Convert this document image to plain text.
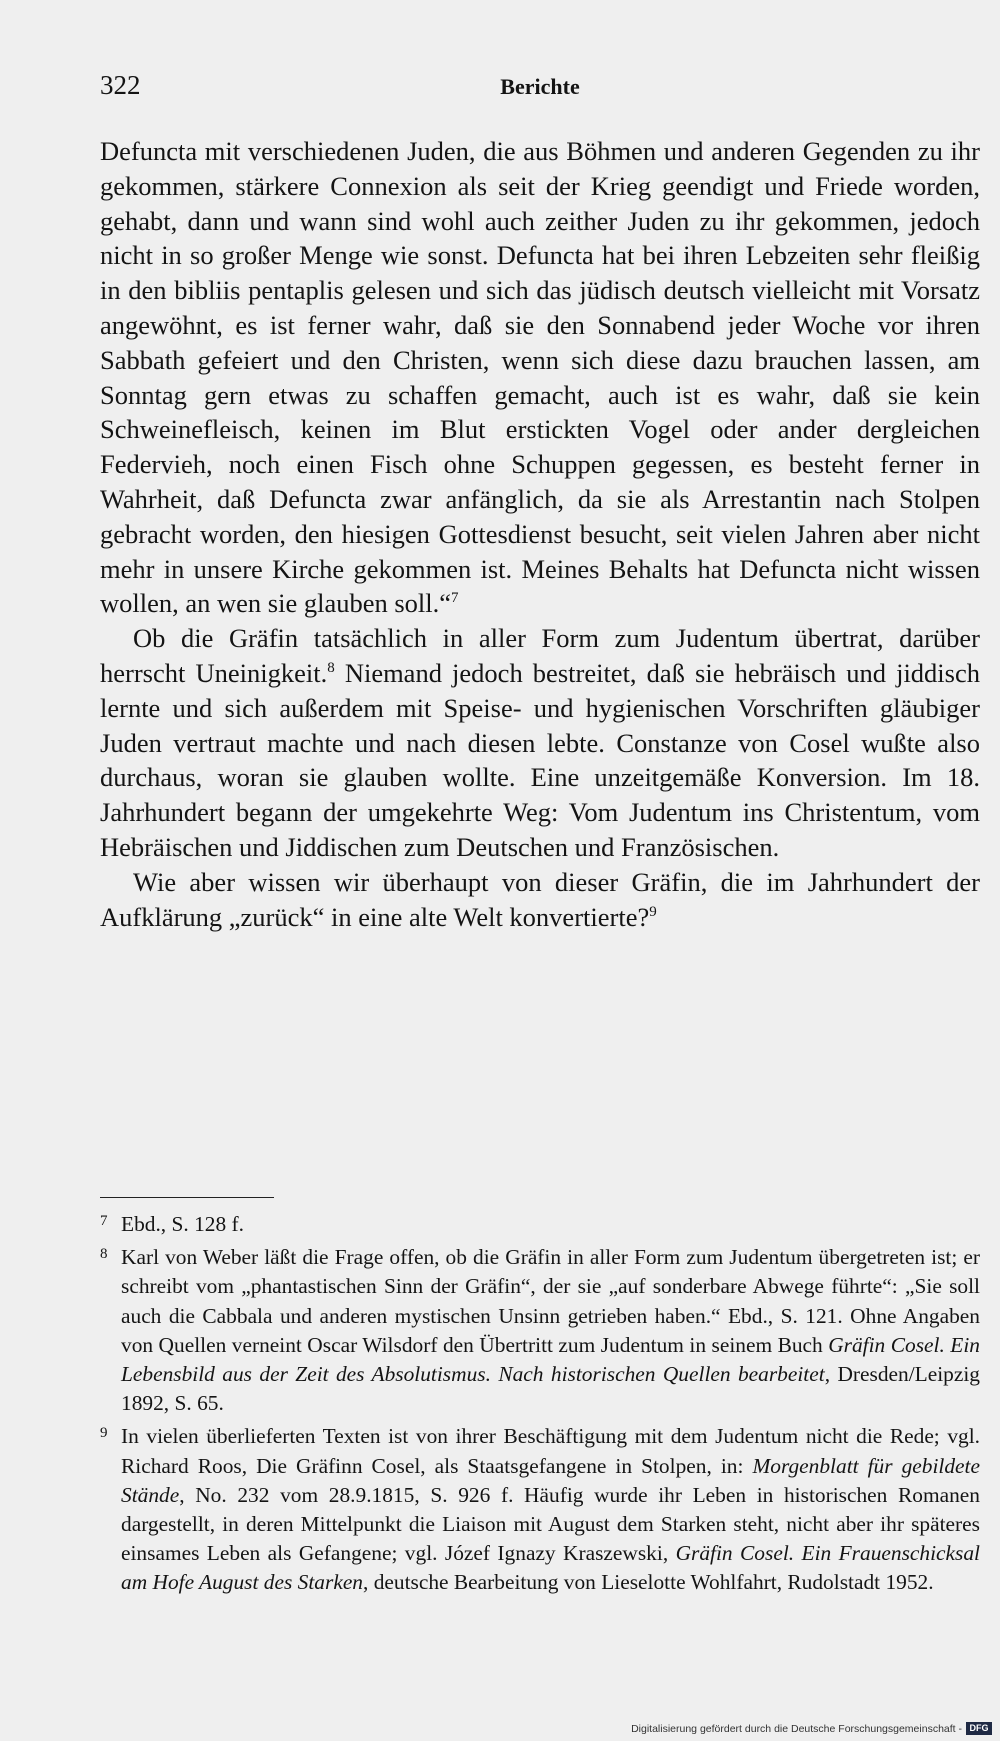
322	Berichte

Defuncta mit verschiedenen Juden, die aus Böhmen und anderen Gegenden zu ihr gekommen, stärkere Connexion als seit der Krieg geendigt und Friede worden, gehabt, dann und wann sind wohl auch zeither Juden zu ihr gekommen, jedoch nicht in so großer Menge wie sonst. Defuncta hat bei ihren Lebzeiten sehr fleißig in den bibliis pentaplis gelesen und sich das jüdisch deutsch vielleicht mit Vorsatz angewöhnt, es ist ferner wahr, daß sie den Sonnabend jeder Woche vor ihren Sabbath gefeiert und den Christen, wenn sich diese dazu brauchen lassen, am Sonntag gern etwas zu schaffen gemacht, auch ist es wahr, daß sie kein Schweinefleisch, keinen im Blut erstickten Vogel oder ander dergleichen Federvieh, noch einen Fisch ohne Schuppen gegessen, es besteht ferner in Wahrheit, daß Defuncta zwar anfänglich, da sie als Arrestantin nach Stolpen gebracht worden, den hiesigen Gottesdienst besucht, seit vielen Jahren aber nicht mehr in unsere Kirche gekommen ist. Meines Behalts hat Defuncta nicht wissen wollen, an wen sie glauben soll.“$^7$

Ob die Gräfin tatsächlich in aller Form zum Judentum übertrat, darüber herrscht Uneinigkeit.$^8$ Niemand jedoch bestreitet, daß sie hebräisch und jiddisch lernte und sich außerdem mit Speise- und hygienischen Vorschriften gläubiger Juden vertraut machte und nach diesen lebte. Constanze von Cosel wußte also durchaus, woran sie glauben wollte. Eine unzeitgemäße Konversion. Im 18. Jahrhundert begann der umgekehrte Weg: Vom Judentum ins Christentum, vom Hebräischen und Jiddischen zum Deutschen und Französischen.

Wie aber wissen wir überhaupt von dieser Gräfin, die im Jahrhundert der Aufklärung „zurück“ in eine alte Welt konvertierte?$^9$

7 Ebd., S. 128 f.

8 Karl von Weber läßt die Frage offen, ob die Gräfin in aller Form zum Judentum übergetreten ist; er schreibt vom „phantastischen Sinn der Gräfin“, der sie „auf sonderbare Abwege führte“: „Sie soll auch die Cabbala und anderen mystischen Unsinn getrieben haben.“ Ebd., S. 121. Ohne Angaben von Quellen verneint Oscar Wilsdorf den Übertritt zum Judentum in seinem Buch Gräfin Cosel. Ein Lebensbild aus der Zeit des Absolutismus. Nach historischen Quellen bearbeitet, Dresden/Leipzig 1892, S. 65.

9 In vielen überlieferten Texten ist von ihrer Beschäftigung mit dem Judentum nicht die Rede; vgl. Richard Roos, Die Gräfinn Cosel, als Staatsgefangene in Stolpen, in: Morgenblatt für gebildete Stände, No. 232 vom 28.9.1815, S. 926 f. Häufig wurde ihr Leben in historischen Romanen dargestellt, in deren Mittelpunkt die Liaison mit August dem Starken steht, nicht aber ihr späteres einsames Leben als Gefangene; vgl. Józef Ignazy Kraszewski, Gräfin Cosel. Ein Frauenschicksal am Hofe August des Starken, deutsche Bearbeitung von Lieselotte Wohlfahrt, Rudolstadt 1952.

Digitalisierung gefördert durch die Deutsche Forschungsgemeinschaft - DFG
